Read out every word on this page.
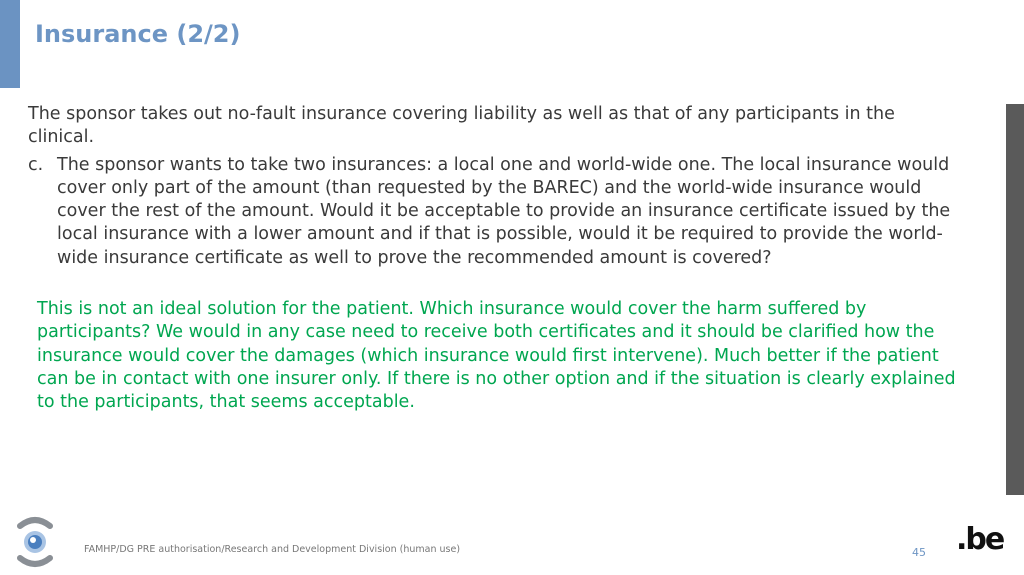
Insurance (2/2)

The sponsor takes out no-fault insurance covering liability as well as that of any participants in the clinical.

c. The sponsor wants to take two insurances: a local one and world-wide one. The local insurance would cover only part of the amount (than requested by the BAREC) and the world-wide insurance would cover the rest of the amount. Would it be acceptable to provide an insurance certificate issued by the local insurance with a lower amount and if that is possible, would it be required to provide the world-wide insurance certificate as well to prove the recommended amount is covered?
This is not an ideal solution for the patient. Which insurance would cover the harm suffered by participants? We would in any case need to receive both certificates and it should be clarified how the insurance would cover the damages (which insurance would first intervene). Much better if the patient can be in contact with one insurer only. If there is no other option and if the situation is clearly explained to the participants, that seems acceptable.
FAMHP/DG PRE authorisation/Research and Development Division (human use)	45 .be
